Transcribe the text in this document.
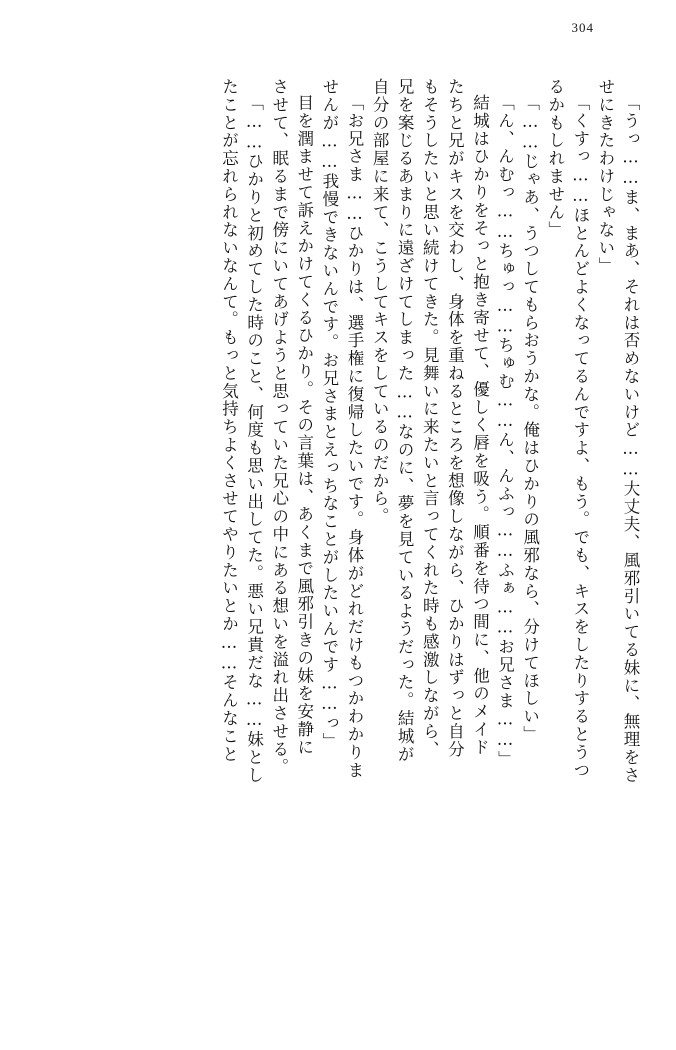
304
「うっ……ま、まあ、それは否めないけど……大丈夫、風邪引いてる妹に、無理をさ
せにきたわけじゃない」
「くすっ……ほとんどよくなってるんですよ、もう。でも、キスをしたりするとうつ
るかもしれません」
「……じゃあ、うつしてもらおうかな。俺はひかりの風邪なら、分けてほしい」
「ん、んむっ……ちゅっ……ちゅむ……ん、んふっ……ふぁ……お兄さま……」
結城はひかりをそっと抱き寄せて、優しく唇を吸う。順番を待つ間に、他のメイド
たちと兄がキスを交わし、身体を重ねるところを想像しながら、ひかりはずっと自分
もそうしたいと思い続けてきた。見舞いに来たいと言ってくれた時も感激しながら、
兄を案じるあまりに遠ざけてしまった……なのに、夢を見ているようだった。結城が
自分の部屋に来て、こうしてキスをしているのだから。
「お兄さま……ひかりは、選手権に復帰したいです。身体がどれだけもつかわかりま
せんが……我慢できないんです。お兄さまとえっちなことがしたいんです……っ」
目を潤ませて訴えかけてくるひかり。その言葉は、あくまで風邪引きの妹を安静に
させて、眠るまで傍にいてあげようと思っていた兄心の中にある想いを溢れ出させる。
「……ひかりと初めてした時のこと、何度も思い出してた。悪い兄貴だな……妹とし
たことが忘れられないなんて。もっと気持ちよくさせてやりたいとか……そんなこと
